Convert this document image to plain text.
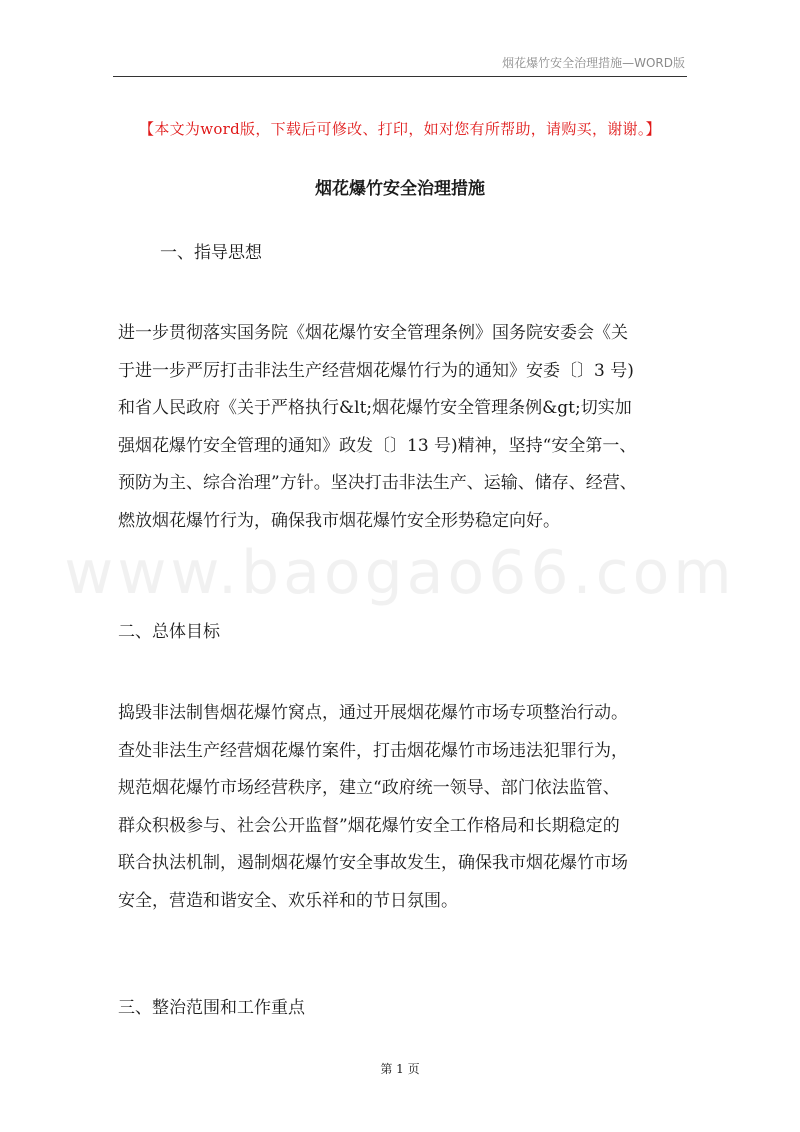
烟花爆竹安全治理措施—WORD版
【本文为word版，下载后可修改、打印，如对您有所帮助，请购买，谢谢。】
www.baogao66.com
烟花爆竹安全治理措施
一、指导思想

进一步贯彻落实国务院《烟花爆竹安全管理条例》国务院安委会《关

于进一步严厉打击非法生产经营烟花爆竹行为的通知》安委〔〕3 号)

和省人民政府《关于严格执行&lt;烟花爆竹安全管理条例&gt;切实加

强烟花爆竹安全管理的通知》政发〔〕13 号)精神，坚持“安全第一、

预防为主、综合治理”方针。坚决打击非法生产、运输、储存、经营、

燃放烟花爆竹行为，确保我市烟花爆竹安全形势稳定向好。

二、总体目标

捣毁非法制售烟花爆竹窝点，通过开展烟花爆竹市场专项整治行动。

查处非法生产经营烟花爆竹案件，打击烟花爆竹市场违法犯罪行为，

规范烟花爆竹市场经营秩序，建立“政府统一领导、部门依法监管、

群众积极参与、社会公开监督”烟花爆竹安全工作格局和长期稳定的

联合执法机制，遏制烟花爆竹安全事故发生，确保我市烟花爆竹市场

安全，营造和谐安全、欢乐祥和的节日氛围。

三、整治范围和工作重点
第 1 页
